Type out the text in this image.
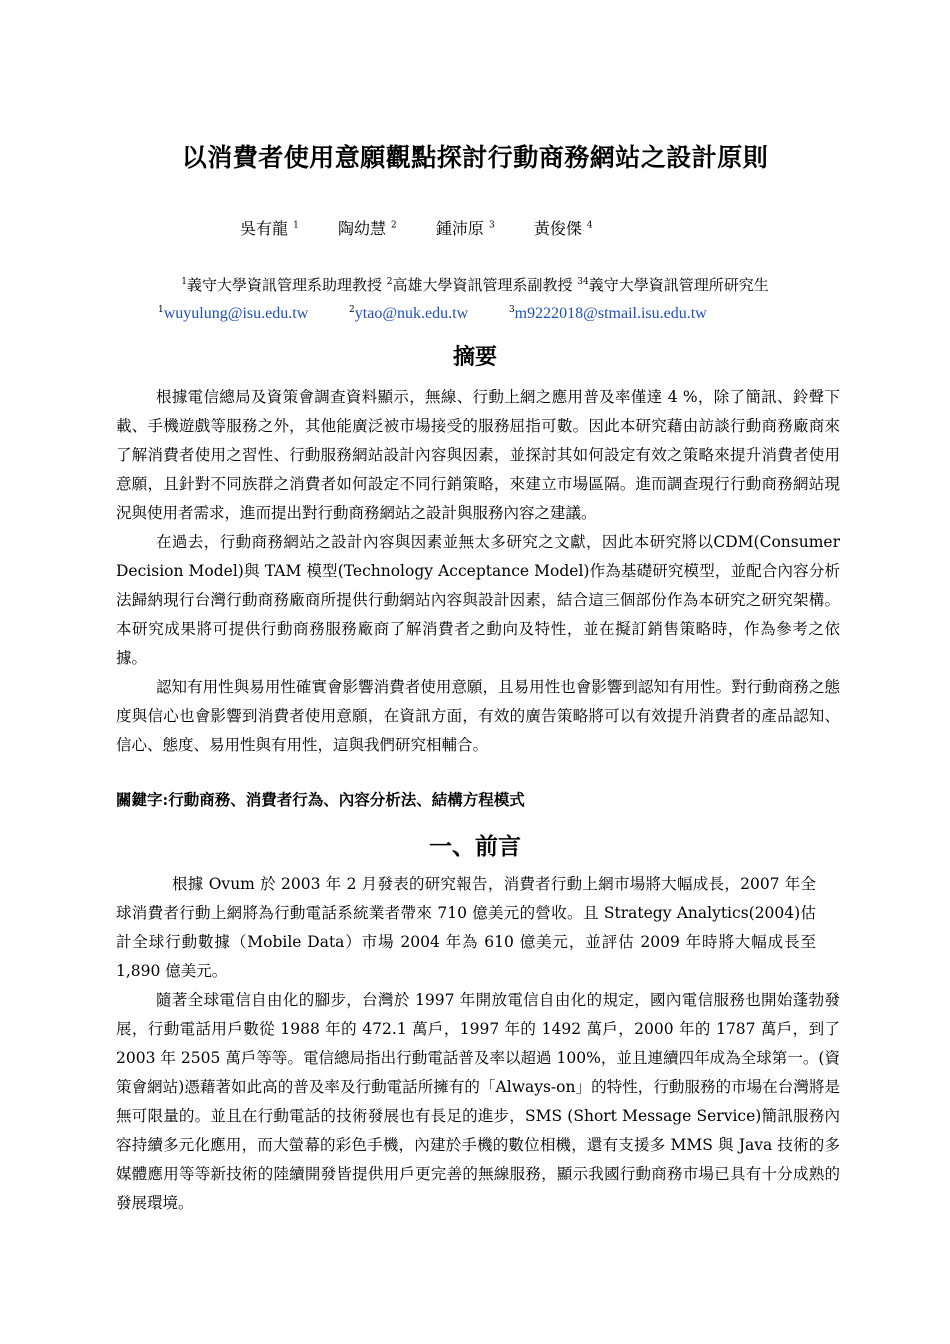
以消費者使用意願觀點探討行動商務網站之設計原則
吳有龍 $^1$ 陶幼慧 $^2$ 鍾沛原 $^3$ 黃俊傑 $^4$
$^1$義守大學資訊管理系助理教授 $^2$高雄大學資訊管理系副教授 $^{34}$義守大學資訊管理所研究生
$^1$wuyulung@isu.edu.tw	$^2$ytao@nuk.edu.tw	$^3$m9222018@stmail.isu.edu.tw
摘要

根據電信總局及資策會調查資料顯示，無線、行動上網之應用普及率僅達 4 %，除了簡訊、鈴聲下載、手機遊戲等服務之外，其他能廣泛被市場接受的服務屈指可數。因此本研究藉由訪談行動商務廠商來了解消費者使用之習性、行動服務網站設計內容與因素，並探討其如何設定有效之策略來提升消費者使用意願，且針對不同族群之消費者如何設定不同行銷策略，來建立市場區隔。進而調查現行行動商務網站現況與使用者需求，進而提出對行動商務網站之設計與服務內容之建議。

在過去，行動商務網站之設計內容與因素並無太多研究之文獻，因此本研究將以CDM(Consumer Decision Model)與 TAM 模型(Technology Acceptance Model)作為基礎研究模型，並配合內容分析法歸納現行台灣行動商務廠商所提供行動網站內容與設計因素，結合這三個部份作為本研究之研究架構。本研究成果將可提供行動商務服務廠商了解消費者之動向及特性，並在擬訂銷售策略時，作為參考之依據。

認知有用性與易用性確實會影響消費者使用意願，且易用性也會影響到認知有用性。對行動商務之態度與信心也會影響到消費者使用意願，在資訊方面，有效的廣告策略將可以有效提升消費者的產品認知、信心、態度、易用性與有用性，這與我們研究相輔合。

關鍵字:行動商務、消費者行為、內容分析法、結構方程模式
一、前言

根據 Ovum 於 2003 年 2 月發表的研究報告，消費者行動上網市場將大幅成長，2007 年全球消費者行動上網將為行動電話系統業者帶來 710 億美元的營收。且 Strategy Analytics(2004)估計全球行動數據（Mobile Data）市場 2004 年為 610 億美元，並評估 2009 年時將大幅成長至 1,890 億美元。

隨著全球電信自由化的腳步，台灣於 1997 年開放電信自由化的規定，國內電信服務也開始蓬勃發展，行動電話用戶數從 1988 年的 472.1 萬戶，1997 年的 1492 萬戶，2000 年的 1787 萬戶，到了 2003 年 2505 萬戶等等。電信總局指出行動電話普及率以超過 100%，並且連續四年成為全球第一。(資策會網站)憑藉著如此高的普及率及行動電話所擁有的「Always-on」的特性，行動服務的市場在台灣將是無可限量的。並且在行動電話的技術發展也有長足的進步，SMS (Short Message Service)簡訊服務內容持續多元化應用，而大螢幕的彩色手機，內建於手機的數位相機，還有支援多 MMS 與 Java 技術的多媒體應用等等新技術的陸續開發皆提供用戶更完善的無線服務，顯示我國行動商務市場已具有十分成熟的發展環境。
